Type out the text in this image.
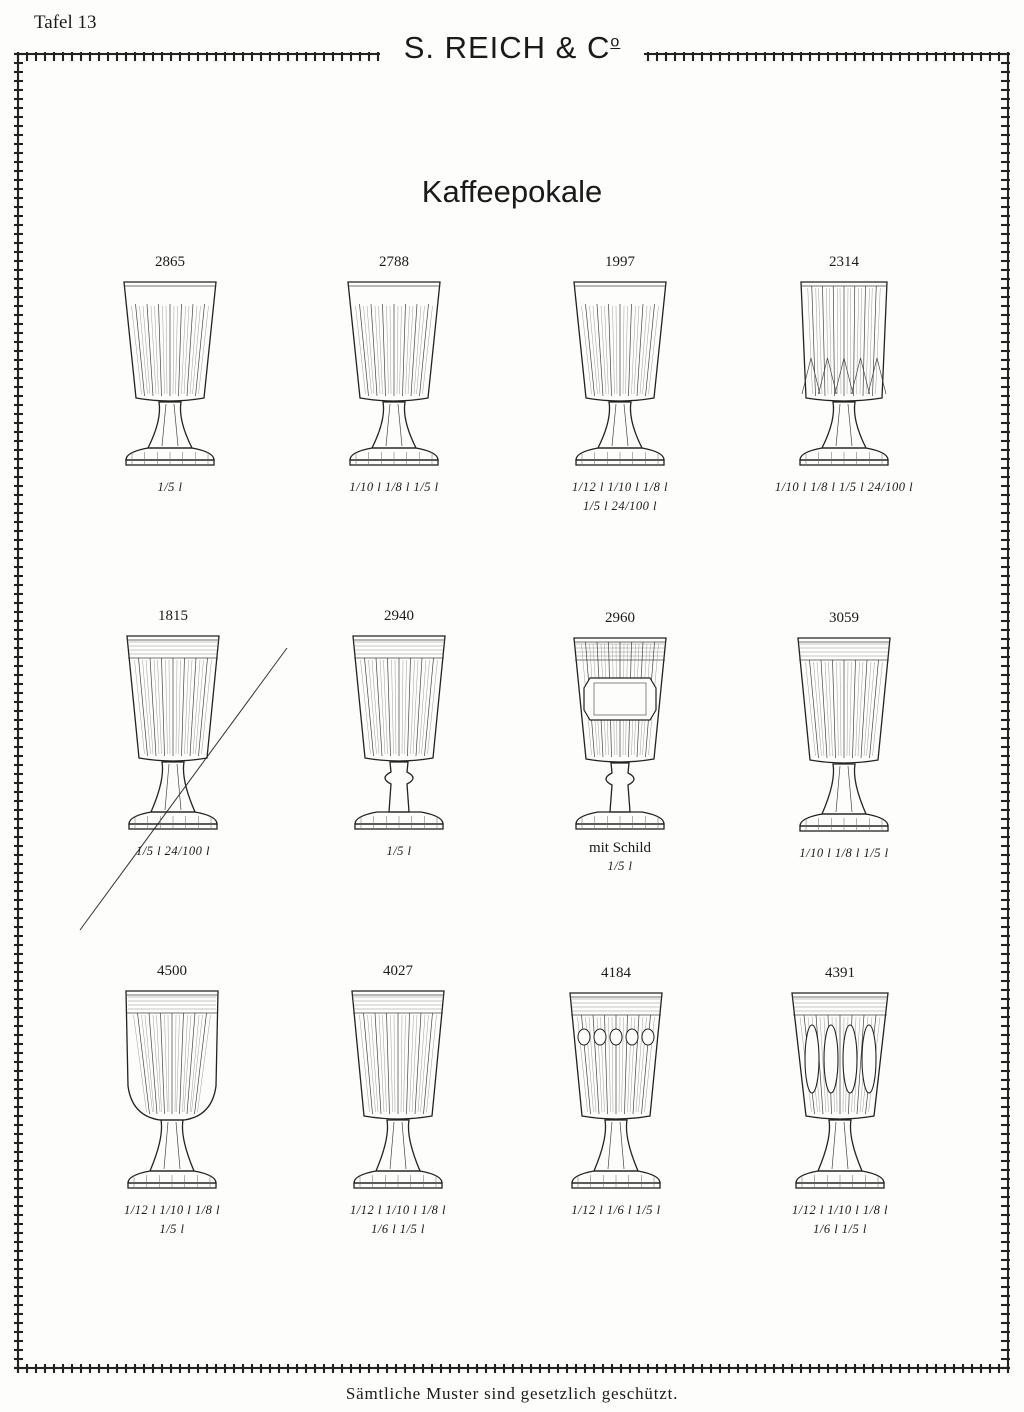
Tafel 13
S. REICH & $C^o$
Kaffeepokale
2865
1/5 l
2788
1/10 l 1/8 l 1/5 l
1997
1/12 l 1/10 l 1/8 l
1/5 l 24/100 l
2314
1/10 l 1/8 l 1/5 l 24/100 l
1815
1/5 l 24/100 l
2940
1/5 l
2960
mit Schild
1/5 l
3059
1/10 l 1/8 l 1/5 l
4500
1/12 l 1/10 l 1/8 l
1/5 l
4027
1/12 l 1/10 l 1/8 l
1/6 l 1/5 l
4184
1/12 l 1/6 l 1/5 l
4391
1/12 l 1/10 l 1/8 l
1/6 l 1/5 l
Sämtliche Muster sind gesetzlich geschützt.
